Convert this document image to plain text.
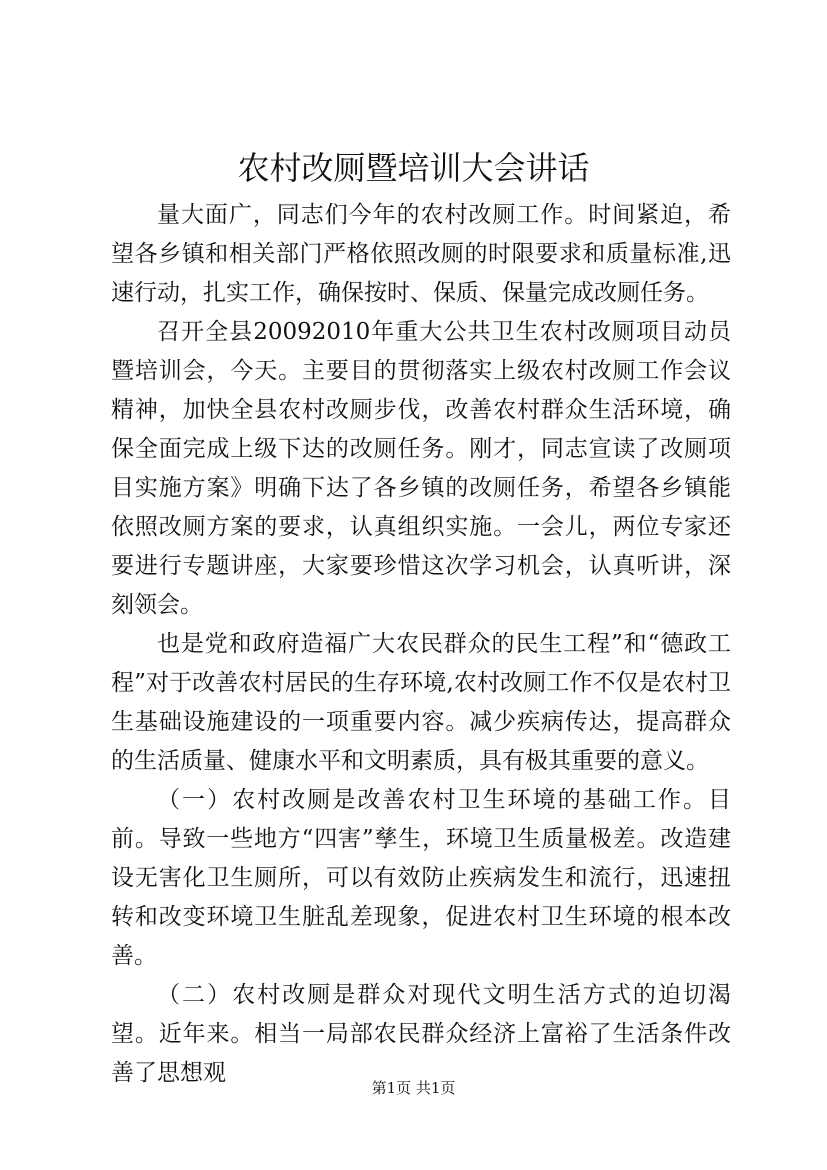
农村改厕暨培训大会讲话

量大面广，同志们今年的农村改厕工作。时间紧迫，希望各乡镇和相关部门严格依照改厕的时限要求和质量标准,迅速行动，扎实工作，确保按时、保质、保量完成改厕任务。

召开全县20092010年重大公共卫生农村改厕项目动员暨培训会，今天。主要目的贯彻落实上级农村改厕工作会议精神，加快全县农村改厕步伐，改善农村群众生活环境，确保全面完成上级下达的改厕任务。刚才，同志宣读了改厕项目实施方案》明确下达了各乡镇的改厕任务，希望各乡镇能依照改厕方案的要求，认真组织实施。一会儿，两位专家还要进行专题讲座，大家要珍惜这次学习机会，认真听讲，深刻领会。

也是党和政府造福广大农民群众的民生工程”和“德政工程”对于改善农村居民的生存环境,农村改厕工作不仅是农村卫生基础设施建设的一项重要内容。减少疾病传达，提高群众的生活质量、健康水平和文明素质，具有极其重要的意义。

（一）农村改厕是改善农村卫生环境的基础工作。目前。导致一些地方“四害”孳生，环境卫生质量极差。改造建设无害化卫生厕所，可以有效防止疾病发生和流行，迅速扭转和改变环境卫生脏乱差现象，促进农村卫生环境的根本改善。

（二）农村改厕是群众对现代文明生活方式的迫切渴望。近年来。相当一局部农民群众经济上富裕了生活条件改善了思想观

第1页 共1页
